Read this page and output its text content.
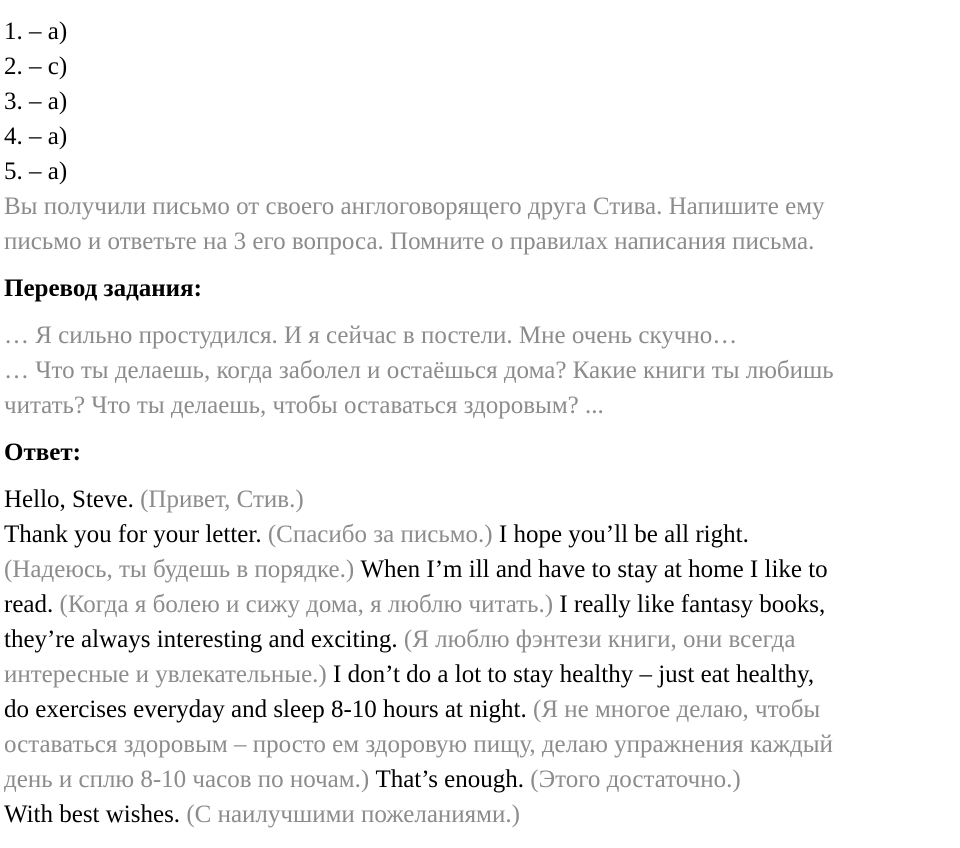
1. – a)
2. – c)
3. – a)
4. – a)
5. – a)
Вы получили письмо от своего англоговорящего друга Стива. Напишите ему
письмо и ответьте на 3 его вопроса. Помните о правилах написания письма.
Перевод задания:
… Я сильно простудился. И я сейчас в постели. Мне очень скучно…
… Что ты делаешь, когда заболел и остаёшься дома? Какие книги ты любишь
читать? Что ты делаешь, чтобы оставаться здоровым? ...
Ответ:
Hello, Steve. (Привет, Стив.)
Thank you for your letter. (Спасибо за письмо.) I hope you’ll be all right.
(Надеюсь, ты будешь в порядке.) When I’m ill and have to stay at home I like to
read. (Когда я болею и сижу дома, я люблю читать.) I really like fantasy books,
they’re always interesting and exciting. (Я люблю фэнтези книги, они всегда
интересные и увлекательные.) I don’t do a lot to stay healthy – just eat healthy,
do exercises everyday and sleep 8-10 hours at night. (Я не многое делаю, чтобы
оставаться здоровым – просто ем здоровую пищу, делаю упражнения каждый
день и сплю 8-10 часов по ночам.) That’s enough. (Этого достаточно.)
With best wishes. (С наилучшими пожеланиями.)
